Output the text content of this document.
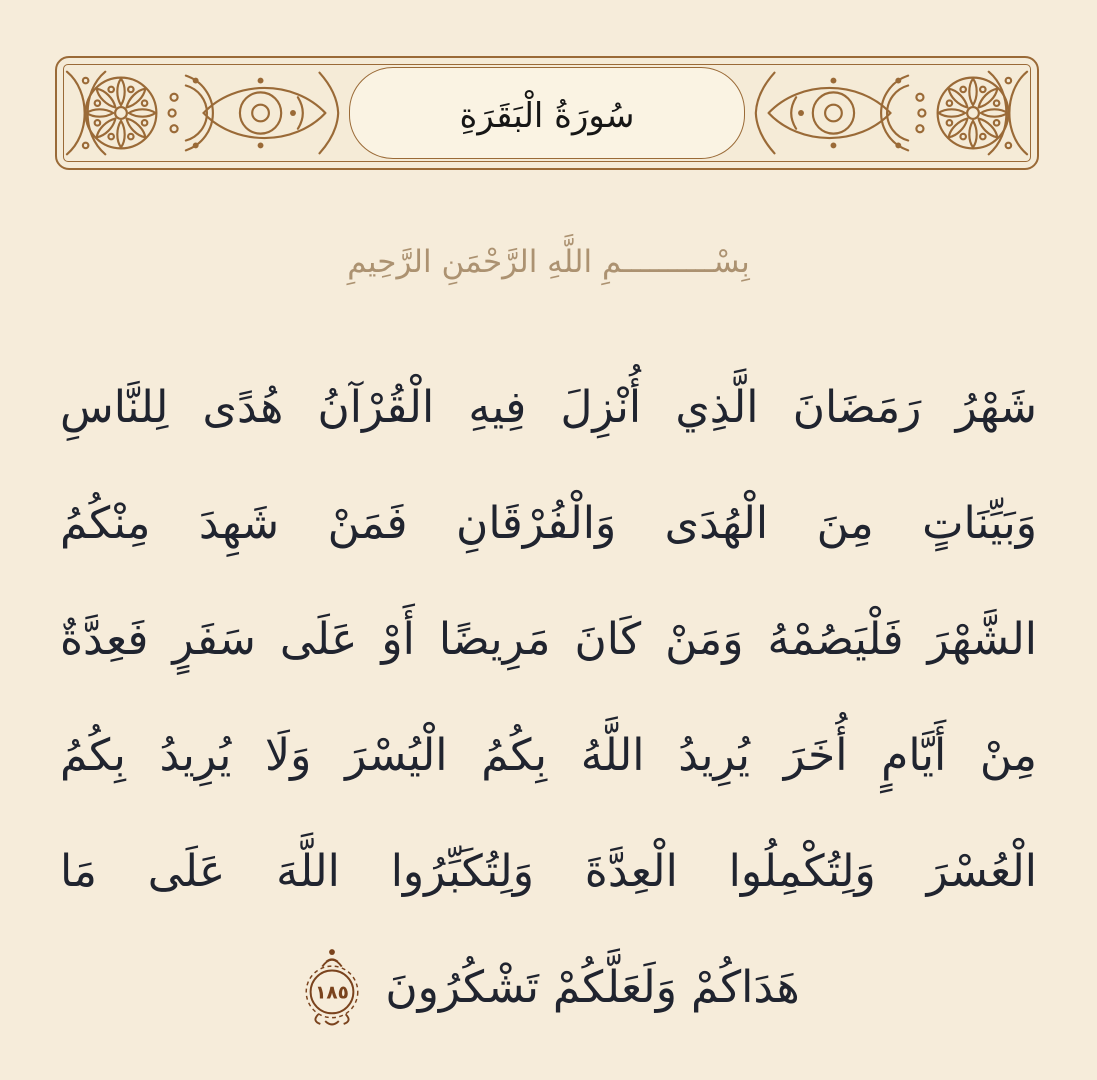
سُورَةُ الْبَقَرَةِ
بِسْــــــــــمِ اللَّهِ الرَّحْمَنِ الرَّحِيمِ
شَهْرُ رَمَضَانَ الَّذِي أُنْزِلَ فِيهِ الْقُرْآنُ هُدًى لِلنَّاسِ
وَبَيِّنَاتٍ مِنَ الْهُدَى وَالْفُرْقَانِ فَمَنْ شَهِدَ مِنْكُمُ
الشَّهْرَ فَلْيَصُمْهُ وَمَنْ كَانَ مَرِيضًا أَوْ عَلَى سَفَرٍ فَعِدَّةٌ
مِنْ أَيَّامٍ أُخَرَ يُرِيدُ اللَّهُ بِكُمُ الْيُسْرَ وَلَا يُرِيدُ بِكُمُ
الْعُسْرَ وَلِتُكْمِلُوا الْعِدَّةَ وَلِتُكَبِّرُوا اللَّهَ عَلَى مَا
هَدَاكُمْ وَلَعَلَّكُمْ تَشْكُرُونَ
١٨٥
